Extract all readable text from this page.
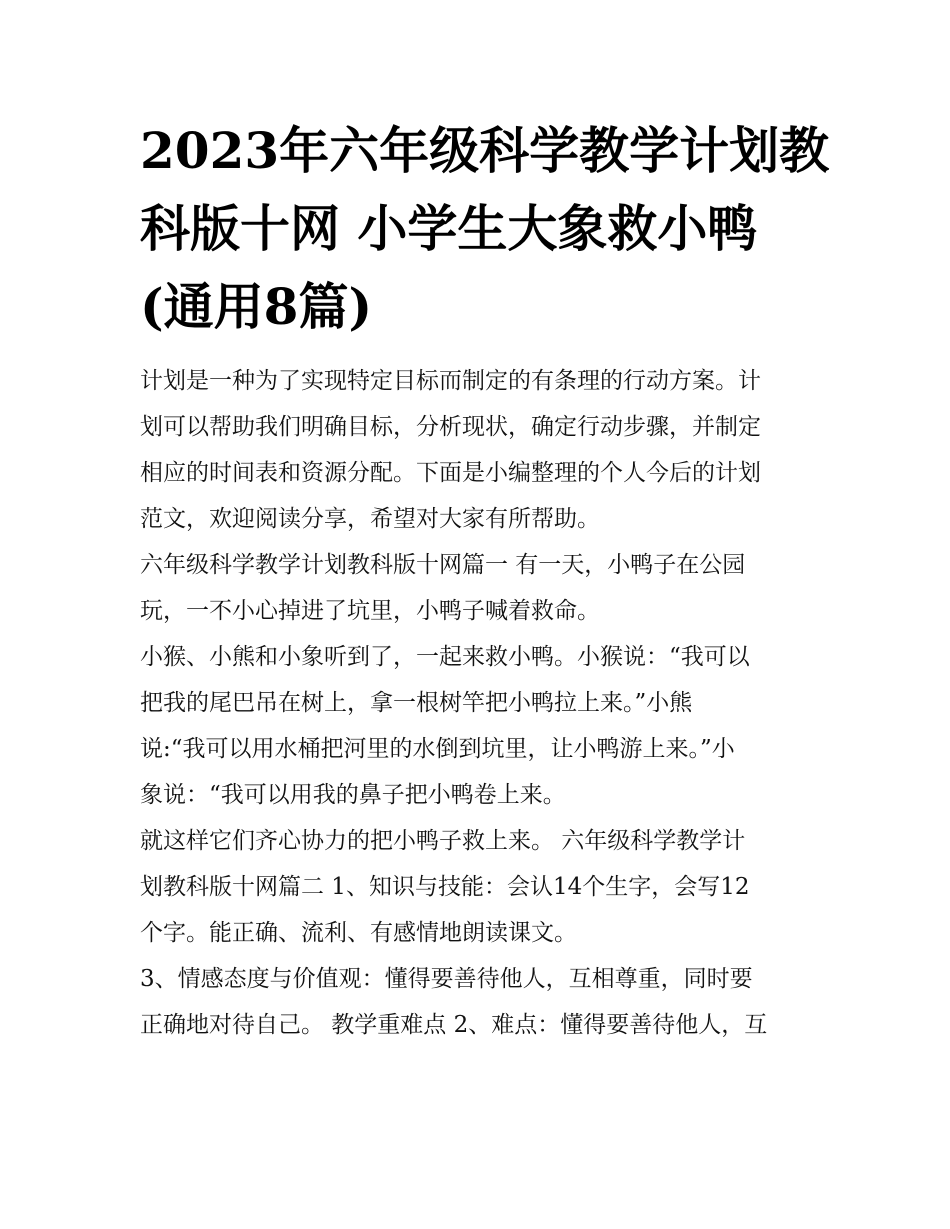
2023年六年级科学教学计划教
科版十网 小学生大象救小鸭
(通用8篇)
计划是一种为了实现特定目标而制定的有条理的行动方案。计
划可以帮助我们明确目标，分析现状，确定行动步骤，并制定
相应的时间表和资源分配。下面是小编整理的个人今后的计划
范文，欢迎阅读分享，希望对大家有所帮助。
六年级科学教学计划教科版十网篇一 有一天，小鸭子在公园
玩，一不小心掉进了坑里，小鸭子喊着救命。
小猴、小熊和小象听到了，一起来救小鸭。小猴说：“我可以
把我的尾巴吊在树上，拿一根树竿把小鸭拉上来。”小熊
说:“我可以用水桶把河里的水倒到坑里，让小鸭游上来。”小
象说：“我可以用我的鼻子把小鸭卷上来。
就这样它们齐心协力的把小鸭子救上来。 六年级科学教学计
划教科版十网篇二 1、知识与技能：会认14个生字，会写12
个字。能正确、流利、有感情地朗读课文。
3、情感态度与价值观：懂得要善待他人，互相尊重，同时要
正确地对待自己。 教学重难点 2、难点：懂得要善待他人，互
